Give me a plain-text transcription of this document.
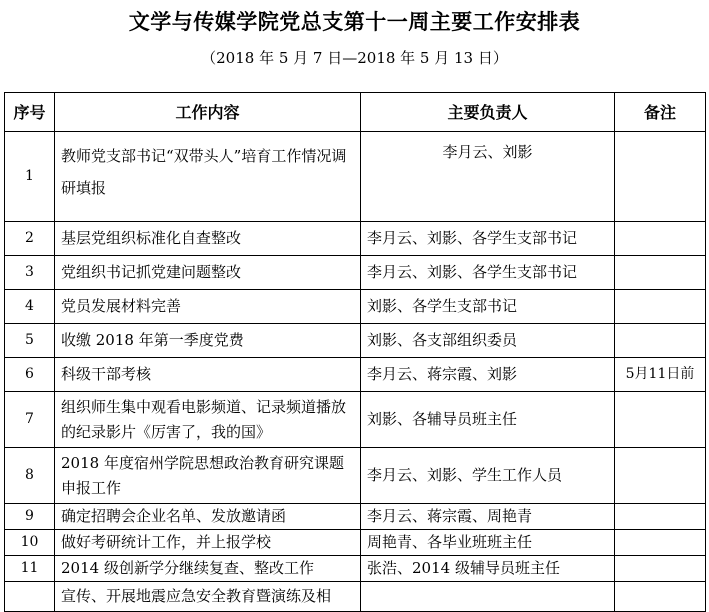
文学与传媒学院党总支第十一周主要工作安排表
（2018 年 5 月 7 日—2018 年 5 月 13 日）
序号	工作内容	主要负责人	备注
1	教师党支部书记“双带头人”培育工作情况调研填报	李月云、刘影	
2	基层党组织标准化自查整改	李月云、刘影、各学生支部书记	
3	党组织书记抓党建问题整改	李月云、刘影、各学生支部书记	
4	党员发展材料完善	刘影、各学生支部书记	
5	收缴 2018 年第一季度党费	刘影、各支部组织委员	
6	科级干部考核	李月云、蒋宗霞、刘影	5月11日前
7	组织师生集中观看电影频道、记录频道播放的纪录影片《厉害了，我的国》	刘影、各辅导员班主任	
8	2018 年度宿州学院思想政治教育研究课题申报工作	李月云、刘影、学生工作人员	
9	确定招聘会企业名单、发放邀请函	李月云、蒋宗霞、周艳青	
10	做好考研统计工作，并上报学校	周艳青、各毕业班班主任	
11	2014 级创新学分继续复查、整改工作	张浩、2014 级辅导员班主任	
	宣传、开展地震应急安全教育暨演练及相		
